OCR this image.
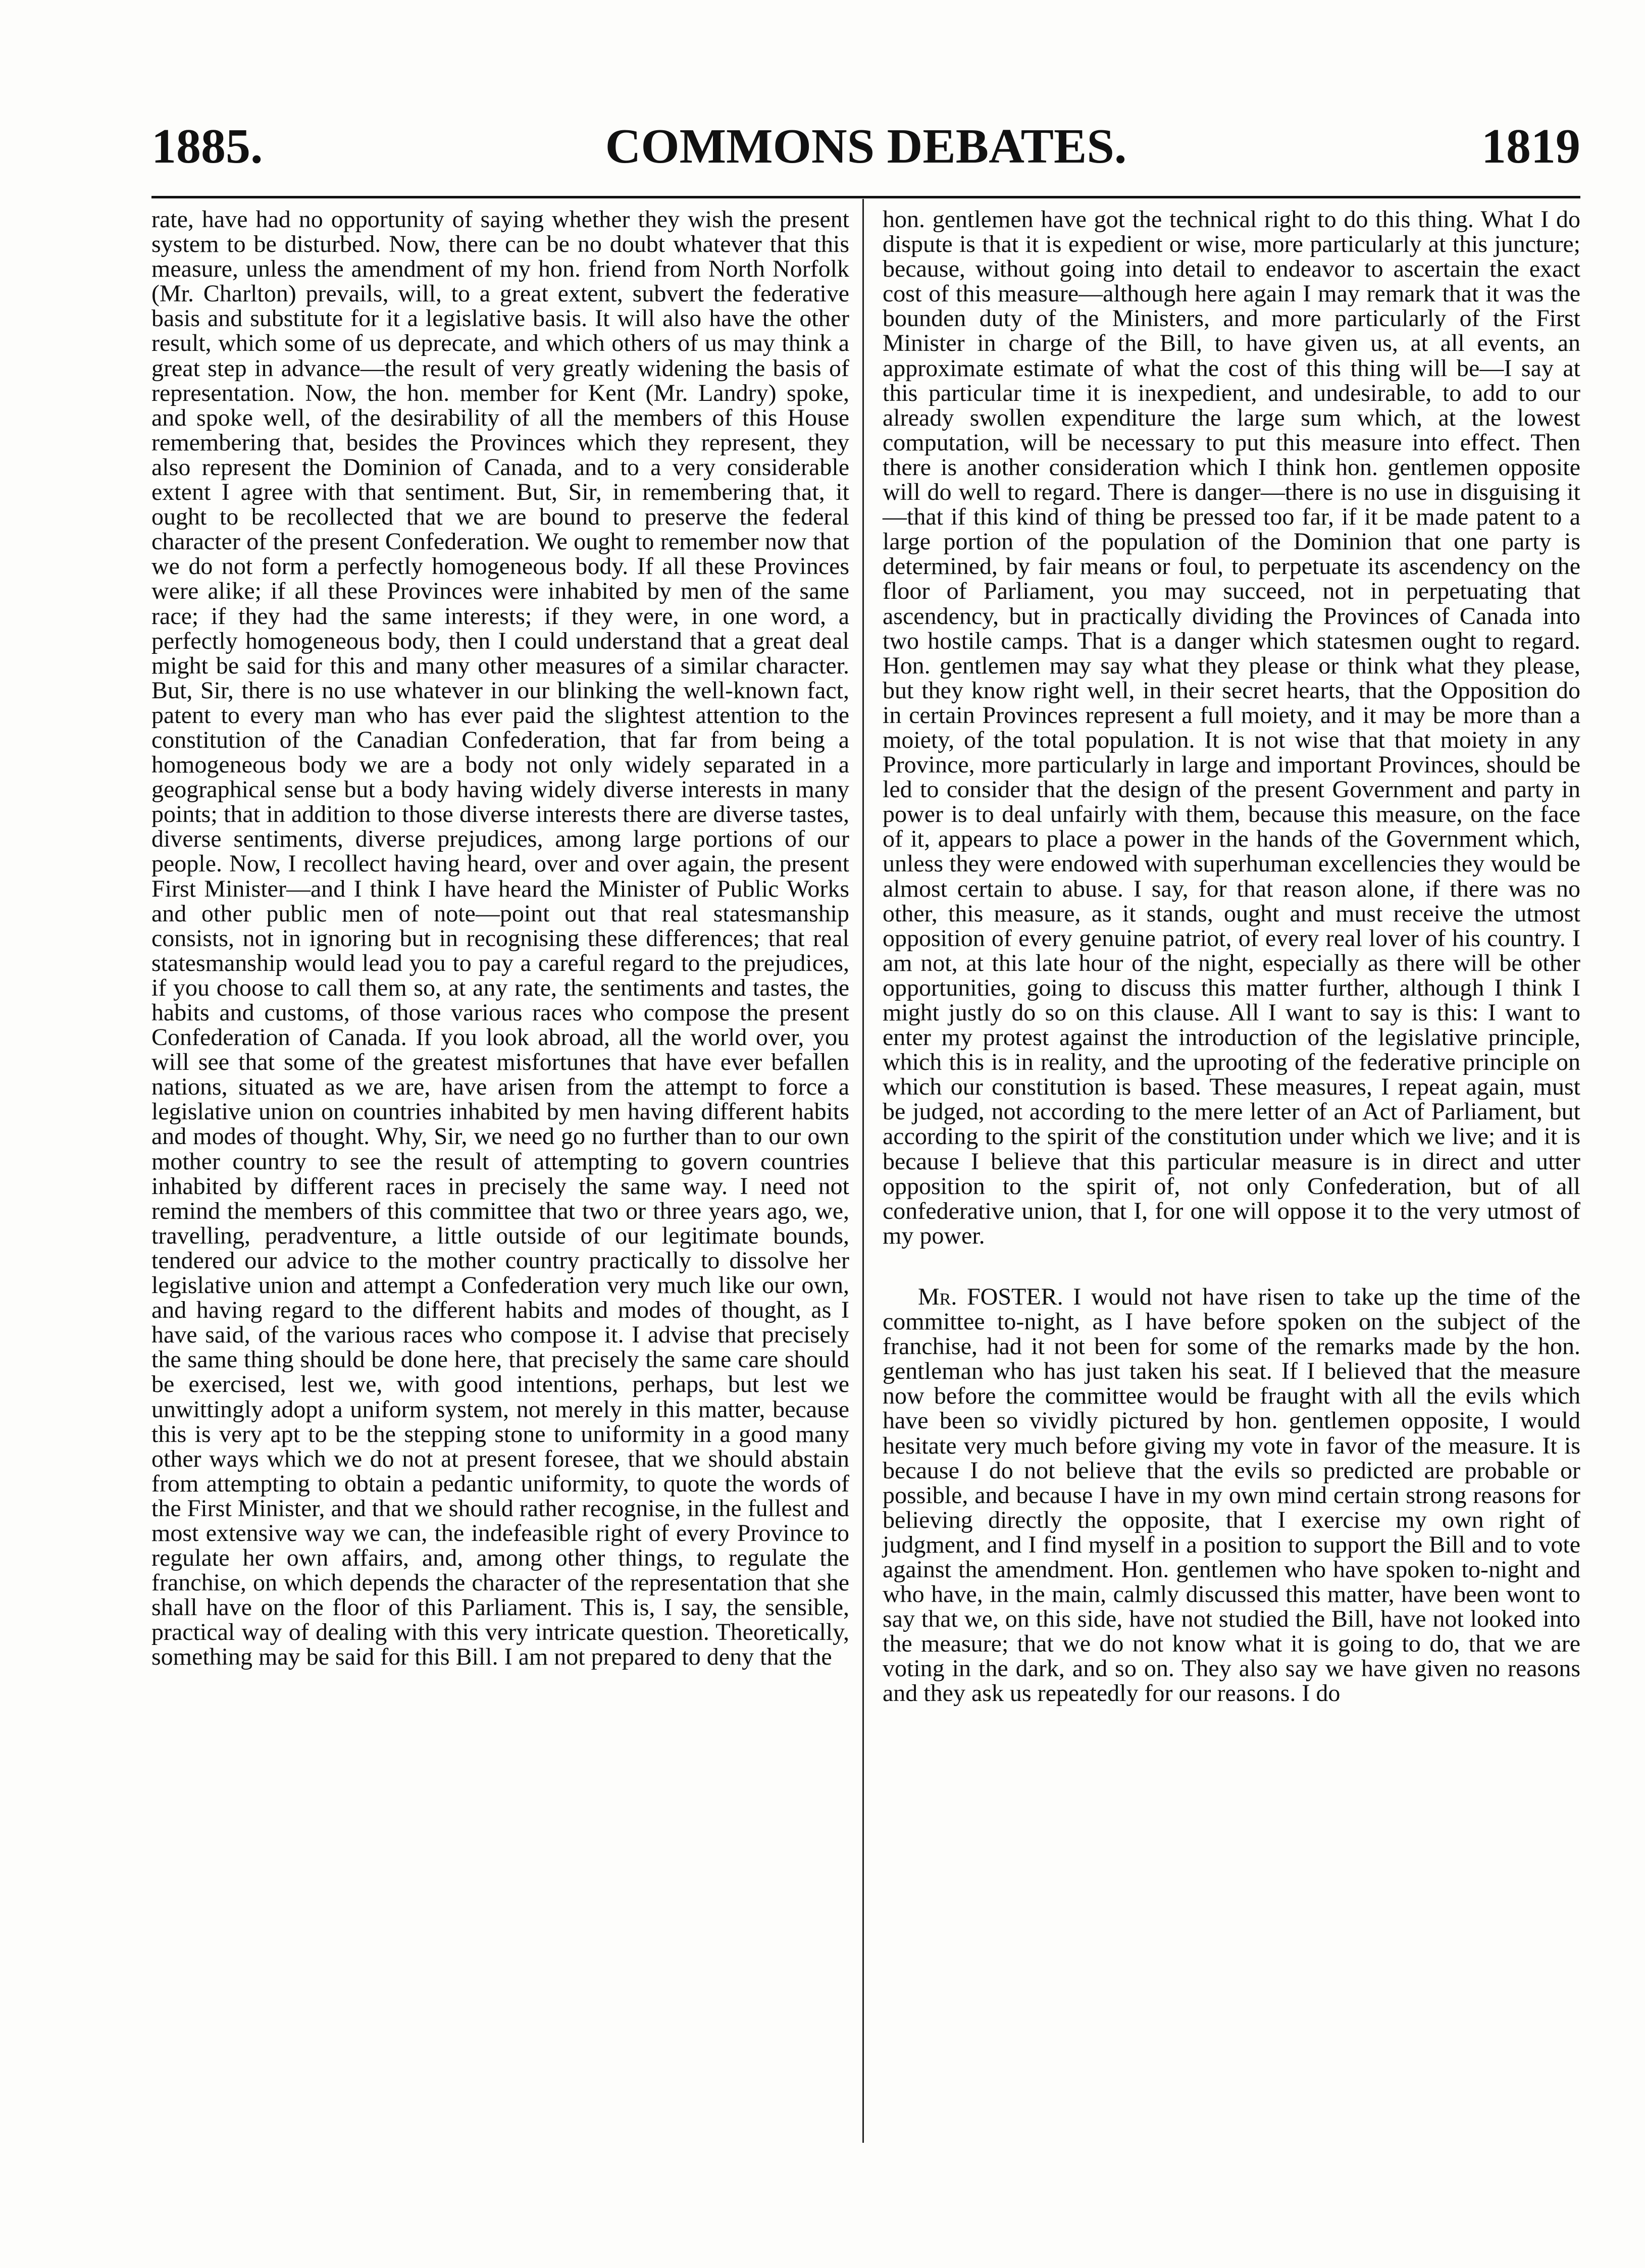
1885.	COMMONS DEBATES.	1819

rate, have had no opportunity of saying whether they wish the present system to be disturbed. Now, there can be no doubt whatever that this measure, unless the amendment of my hon. friend from North Norfolk (Mr. Charlton) prevails, will, to a great extent, subvert the federative basis and substitute for it a legislative basis. It will also have the other result, which some of us deprecate, and which others of us may think a great step in advance—the result of very greatly widening the basis of representation. Now, the hon. member for Kent (Mr. Landry) spoke, and spoke well, of the desirability of all the members of this House remembering that, besides the Provinces which they represent, they also represent the Dominion of Canada, and to a very considerable extent I agree with that sentiment. But, Sir, in remembering that, it ought to be recollected that we are bound to preserve the federal character of the present Confederation. We ought to remember now that we do not form a perfectly homogeneous body. If all these Provinces were alike; if all these Provinces were inhabited by men of the same race; if they had the same interests; if they were, in one word, a perfectly homogeneous body, then I could understand that a great deal might be said for this and many other measures of a similar character. But, Sir, there is no use whatever in our blinking the well-known fact, patent to every man who has ever paid the slightest attention to the constitution of the Canadian Confederation, that far from being a homogeneous body we are a body not only widely separated in a geographical sense but a body having widely diverse interests in many points; that in addition to those diverse interests there are diverse tastes, diverse sentiments, diverse prejudices, among large portions of our people. Now, I recollect having heard, over and over again, the present First Minister—and I think I have heard the Minister of Public Works and other public men of note—point out that real statesmanship consists, not in ignoring but in recognising these differences; that real statesmanship would lead you to pay a careful regard to the prejudices, if you choose to call them so, at any rate, the sentiments and tastes, the habits and customs, of those various races who compose the present Confederation of Canada. If you look abroad, all the world over, you will see that some of the greatest misfortunes that have ever befallen nations, situated as we are, have arisen from the attempt to force a legislative union on countries inhabited by men having different habits and modes of thought. Why, Sir, we need go no further than to our own mother country to see the result of attempting to govern countries inhabited by different races in precisely the same way. I need not remind the members of this committee that two or three years ago, we, travelling, peradventure, a little outside of our legitimate bounds, tendered our advice to the mother country practically to dissolve her legislative union and attempt a Confederation very much like our own, and having regard to the different habits and modes of thought, as I have said, of the various races who compose it. I advise that precisely the same thing should be done here, that precisely the same care should be exercised, lest we, with good intentions, perhaps, but lest we unwittingly adopt a uniform system, not merely in this matter, because this is very apt to be the stepping stone to uniformity in a good many other ways which we do not at present foresee, that we should abstain from attempting to obtain a pedantic uniformity, to quote the words of the First Minister, and that we should rather recognise, in the fullest and most extensive way we can, the indefeasible right of every Province to regulate her own affairs, and, among other things, to regulate the franchise, on which depends the character of the representation that she shall have on the floor of this Parliament. This is, I say, the sensible, practical way of dealing with this very intricate question. Theoretically, something may be said for this Bill. I am not prepared to deny that the

hon. gentlemen have got the technical right to do this thing. What I do dispute is that it is expedient or wise, more particularly at this juncture; because, without going into detail to endeavor to ascertain the exact cost of this measure—although here again I may remark that it was the bounden duty of the Ministers, and more particularly of the First Minister in charge of the Bill, to have given us, at all events, an approximate estimate of what the cost of this thing will be—I say at this particular time it is inexpedient, and undesirable, to add to our already swollen expenditure the large sum which, at the lowest computation, will be necessary to put this measure into effect. Then there is another consideration which I think hon. gentlemen opposite will do well to regard. There is danger—there is no use in disguising it—that if this kind of thing be pressed too far, if it be made patent to a large portion of the population of the Dominion that one party is determined, by fair means or foul, to perpetuate its ascendency on the floor of Parliament, you may succeed, not in perpetuating that ascendency, but in practically dividing the Provinces of Canada into two hostile camps. That is a danger which statesmen ought to regard. Hon. gentlemen may say what they please or think what they please, but they know right well, in their secret hearts, that the Opposition do in certain Provinces represent a full moiety, and it may be more than a moiety, of the total population. It is not wise that that moiety in any Province, more particularly in large and important Provinces, should be led to consider that the design of the present Government and party in power is to deal unfairly with them, because this measure, on the face of it, appears to place a power in the hands of the Government which, unless they were endowed with superhuman excellencies they would be almost certain to abuse. I say, for that reason alone, if there was no other, this measure, as it stands, ought and must receive the utmost opposition of every genuine patriot, of every real lover of his country. I am not, at this late hour of the night, especially as there will be other opportunities, going to discuss this matter further, although I think I might justly do so on this clause. All I want to say is this: I want to enter my protest against the introduction of the legislative principle, which this is in reality, and the uprooting of the federative principle on which our constitution is based. These measures, I repeat again, must be judged, not according to the mere letter of an Act of Parliament, but according to the spirit of the constitution under which we live; and it is because I believe that this particular measure is in direct and utter opposition to the spirit of, not only Confederation, but of all confederative union, that I, for one will oppose it to the very utmost of my power.

Mr. FOSTER. I would not have risen to take up the time of the committee to-night, as I have before spoken on the subject of the franchise, had it not been for some of the remarks made by the hon. gentleman who has just taken his seat. If I believed that the measure now before the committee would be fraught with all the evils which have been so vividly pictured by hon. gentlemen opposite, I would hesitate very much before giving my vote in favor of the measure. It is because I do not believe that the evils so predicted are probable or possible, and because I have in my own mind certain strong reasons for believing directly the opposite, that I exercise my own right of judgment, and I find myself in a position to support the Bill and to vote against the amendment. Hon. gentlemen who have spoken to-night and who have, in the main, calmly discussed this matter, have been wont to say that we, on this side, have not studied the Bill, have not looked into the measure; that we do not know what it is going to do, that we are voting in the dark, and so on. They also say we have given no reasons and they ask us repeatedly for our reasons. I do
